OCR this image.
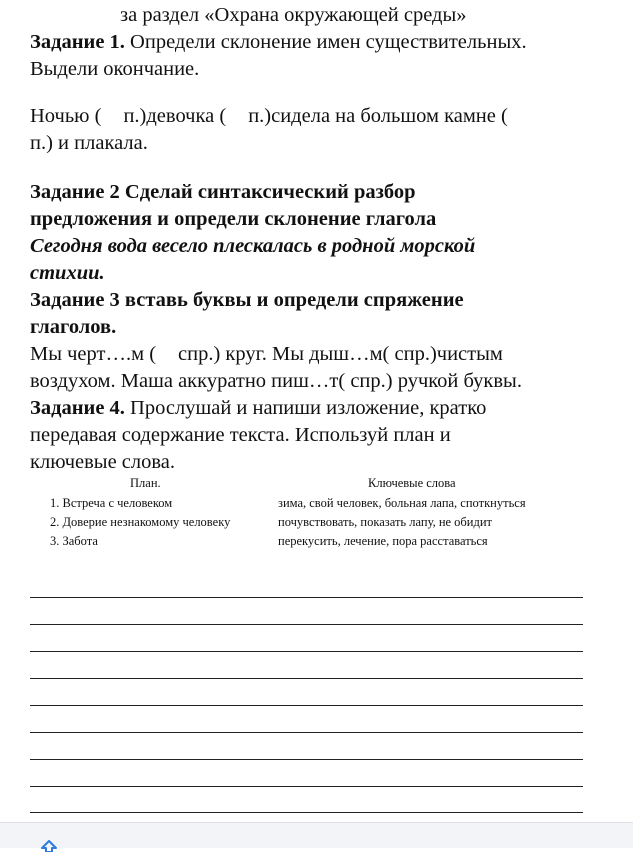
за раздел «Охрана окружающей среды»
Задание 1. Определи склонение имен существительных.
Выдели окончание.
Ночью ( п.)девочка ( п.)сидела на большом камне (
п.) и плакала.
Задание 2 Сделай синтаксический разбор
предложения и определи склонение глагола
Сегодня вода весело плескалась в родной морской
стихии.
Задание 3 вставь буквы и определи спряжение
глаголов.
Мы черт….м ( спр.) круг. Мы дыш…м( спр.)чистым
воздухом. Маша аккуратно пиш…т( спр.) ручкой буквы.
Задание 4. Прослушай и напиши изложение, кратко
передавая содержание текста. Используй план и
ключевые слова.
План.	Ключевые слова
1. Встреча с человеком	зима, свой человек, больная лапа, споткнуться
2. Доверие незнакомому человеку	почувствовать, показать лапу, не обидит
3. Забота	перекусить, лечение, пора расставаться
